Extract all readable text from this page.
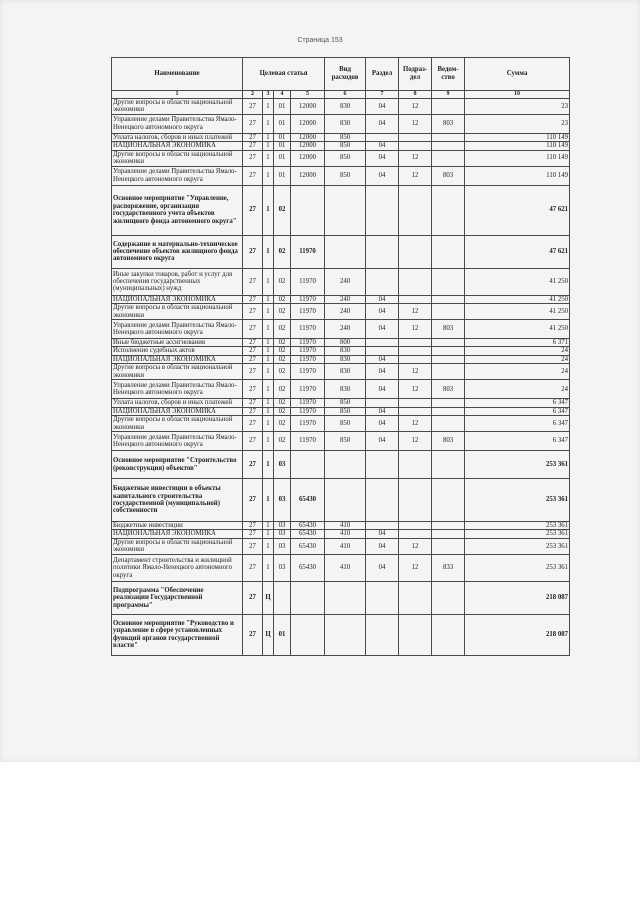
Страница 153
Наименование	Целевая статья				Вид расходов	Раздел	Подраз-дел	Ведом-ство	Сумма
1	2	3	4	5	6	7	8	9	10
Другие вопросы в области национальной экономики	27	1	01	12000	830	04	12		23
Управление делами Правительства Ямало-Ненецкого автономного округа	27	1	01	12000	830	04	12	803	23
Уплата налогов, сборов и иных платежей	27	1	01	12000	850				110 149
НАЦИОНАЛЬНАЯ ЭКОНОМИКА	27	1	01	12000	850	04			110 149
Другие вопросы в области национальной экономики	27	1	01	12000	850	04	12		110 149
Управление делами Правительства Ямало-Ненецкого автономного округа	27	1	01	12000	850	04	12	803	110 149
Основное мероприятие "Управление, распоряжение, организация государственного учета объектов жилищного фонда автономного округа"	27	1	02						47 621
Содержание и материально-техническое обеспечение объектов жилищного фонда автономного округа	27	1	02	11970					47 621
Иные закупки товаров, работ и услуг для обеспечения государственных (муниципальных) нужд	27	1	02	11970	240				41 250
НАЦИОНАЛЬНАЯ ЭКОНОМИКА	27	1	02	11970	240	04			41 250
Другие вопросы в области национальной экономики	27	1	02	11970	240	04	12		41 250
Управление делами Правительства Ямало-Ненецкого автономного округа	27	1	02	11970	240	04	12	803	41 250
Иные бюджетные ассигнования	27	1	02	11970	800				6 371
Исполнение судебных актов	27	1	02	11970	830				24
НАЦИОНАЛЬНАЯ ЭКОНОМИКА	27	1	02	11970	830	04			24
Другие вопросы в области национальной экономики	27	1	02	11970	830	04	12		24
Управление делами Правительства Ямало-Ненецкого автономного округа	27	1	02	11970	830	04	12	803	24
Уплата налогов, сборов и иных платежей	27	1	02	11970	850				6 347
НАЦИОНАЛЬНАЯ ЭКОНОМИКА	27	1	02	11970	850	04			6 347
Другие вопросы в области национальной экономики	27	1	02	11970	850	04	12		6 347
Управление делами Правительства Ямало-Ненецкого автономного округа	27	1	02	11970	850	04	12	803	6 347
Основное мероприятие "Строительство (реконструкция) объектов"	27	1	03						253 361
Бюджетные инвестиции в объекты капитального строительства государственной (муниципальной) собственности	27	1	03	65430					253 361
Бюджетные инвестиции	27	1	03	65430	410				253 361
НАЦИОНАЛЬНАЯ ЭКОНОМИКА	27	1	03	65430	410	04			253 361
Другие вопросы в области национальной экономики	27	1	03	65430	410	04	12		253 361
Департамент строительства и жилищной политики Ямало-Ненецкого автономного округа	27	1	03	65430	410	04	12	833	253 361
Подпрограмма "Обеспечение реализации Государственной программы"	27	Ц							218 087
Основное мероприятие "Руководство и управление в сфере установленных функций органов государственной власти"	27	Ц	01						218 087
